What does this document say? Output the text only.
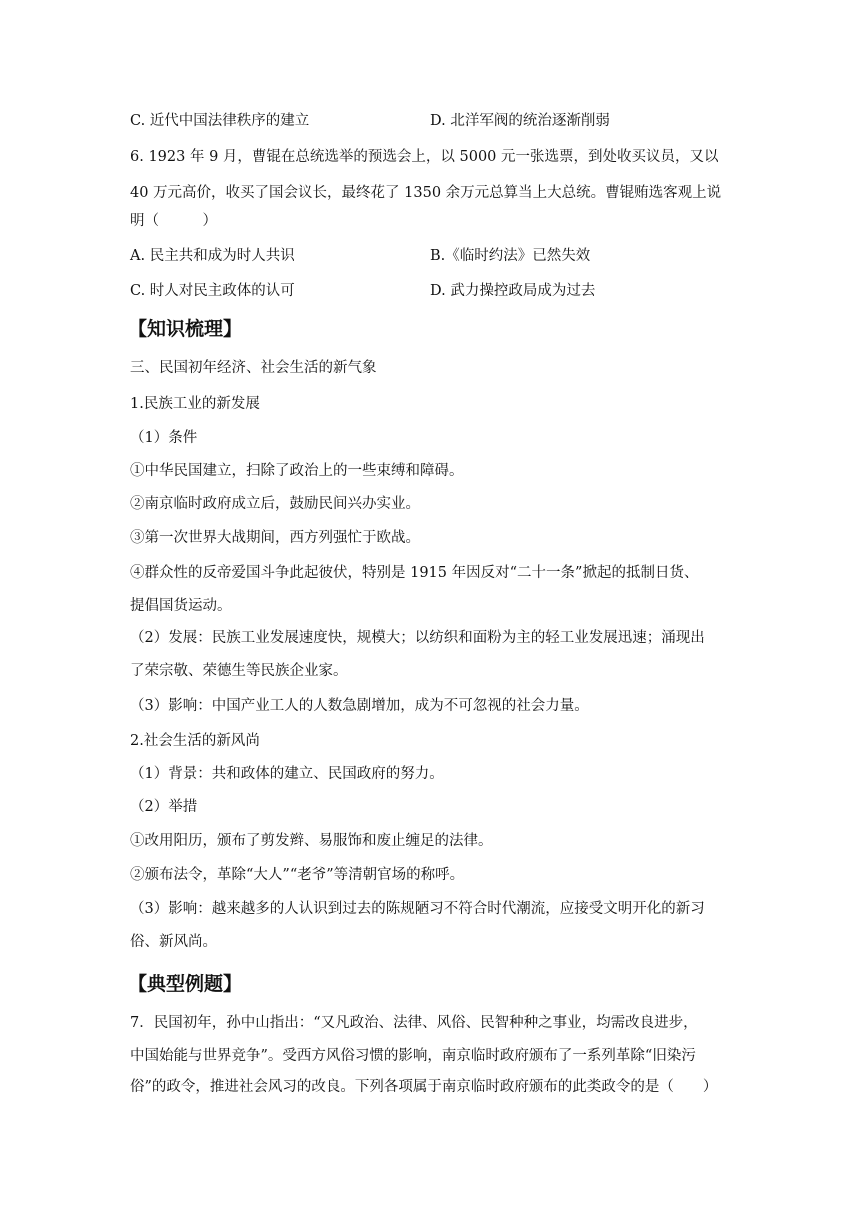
C. 近代中国法律秩序的建立	D. 北洋军阀的统治逐渐削弱
6. 1923 年 9 月，曹锟在总统选举的预选会上，以 5000 元一张选票，到处收买议员，又以
40 万元高价，收买了国会议长，最终花了 1350 余万元总算当上大总统。曹锟贿选客观上说
明（　　　）
A. 民主共和成为时人共识	B.《临时约法》已然失效
C. 时人对民主政体的认可	D. 武力操控政局成为过去
【知识梳理】
三、民国初年经济、社会生活的新气象
1.民族工业的新发展
（1）条件
①中华民国建立，扫除了政治上的一些束缚和障碍。
②南京临时政府成立后，鼓励民间兴办实业。
③第一次世界大战期间，西方列强忙于欧战。
④群众性的反帝爱国斗争此起彼伏，特别是 1915 年因反对“二十一条”掀起的抵制日货、
提倡国货运动。
（2）发展：民族工业发展速度快，规模大；以纺织和面粉为主的轻工业发展迅速；涌现出
了荣宗敬、荣德生等民族企业家。
（3）影响：中国产业工人的人数急剧增加，成为不可忽视的社会力量。
2.社会生活的新风尚
（1）背景：共和政体的建立、民国政府的努力。
（2）举措
①改用阳历，颁布了剪发辫、易服饰和废止缠足的法律。
②颁布法令，革除“大人”“老爷”等清朝官场的称呼。
（3）影响：越来越多的人认识到过去的陈规陋习不符合时代潮流，应接受文明开化的新习
俗、新风尚。
【典型例题】
7．民国初年，孙中山指出：“又凡政治、法律、风俗、民智种种之事业，均需改良进步，
中国始能与世界竞争”。受西方风俗习惯的影响，南京临时政府颁布了一系列革除“旧染污
俗”的政令，推进社会风习的改良。下列各项属于南京临时政府颁布的此类政令的是（　　）
